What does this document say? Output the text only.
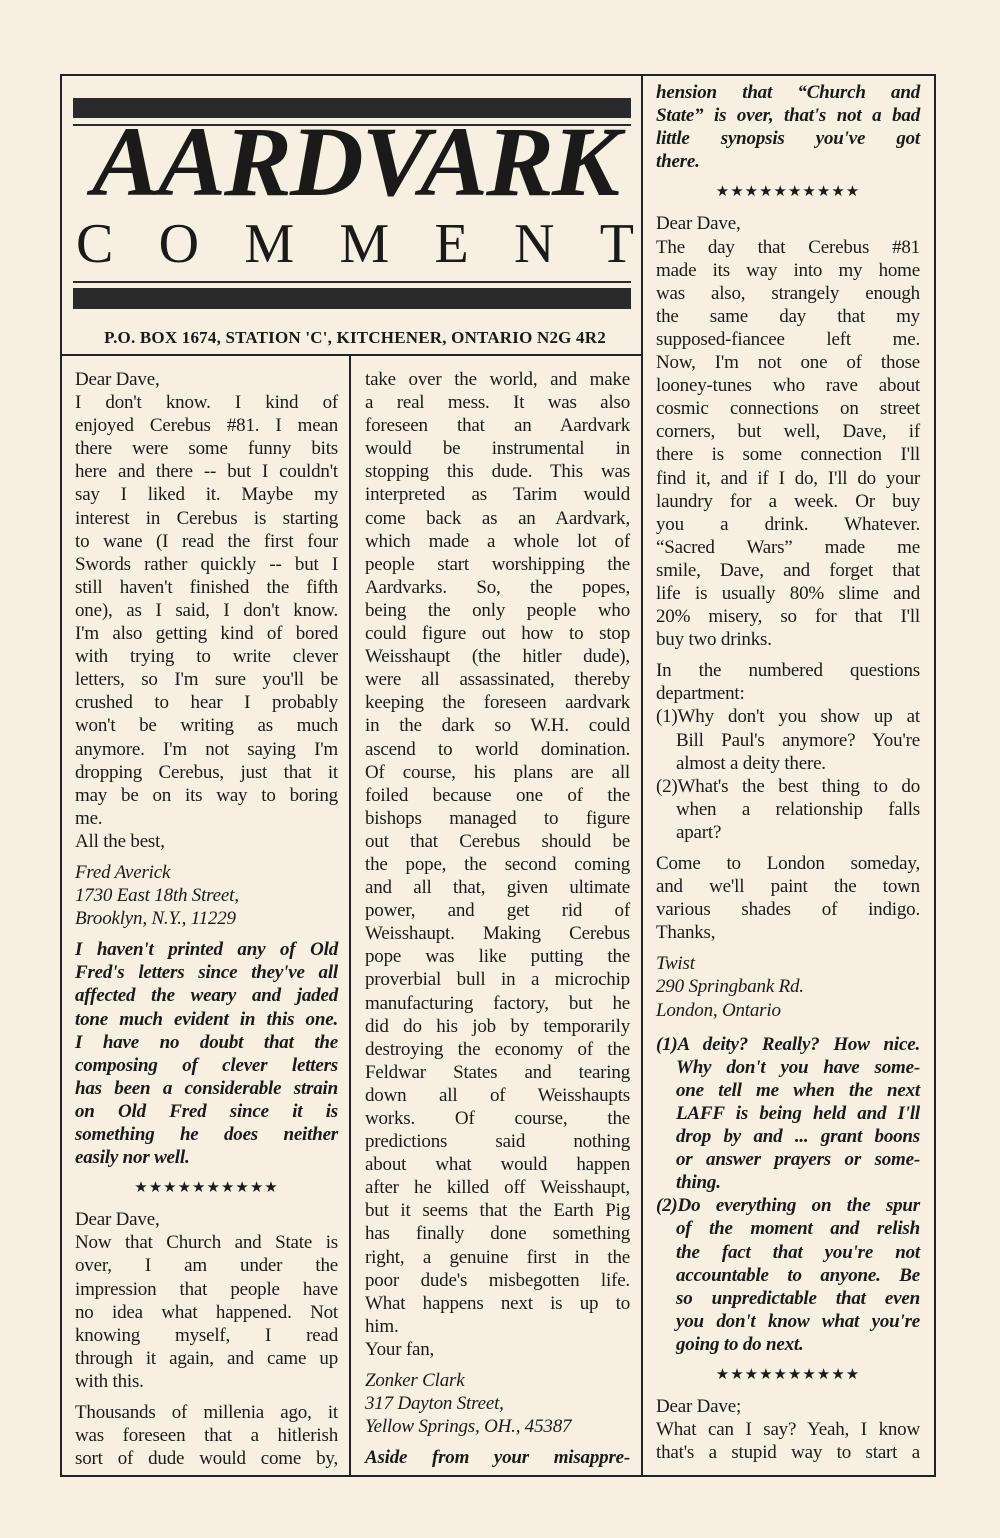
AARDVARK
C O M M E N T
P.O. BOX 1674, STATION 'C', KITCHENER, ONTARIO N2G 4R2
Dear Dave,
I don't know. I kind of
enjoyed Cerebus #81. I mean
there were some funny bits
here and there -- but I couldn't
say I liked it. Maybe my
interest in Cerebus is starting
to wane (I read the first four
Swords rather quickly -- but I
still haven't finished the fifth
one), as I said, I don't know.
I'm also getting kind of bored
with trying to write clever
letters, so I'm sure you'll be
crushed to hear I probably
won't be writing as much
anymore. I'm not saying I'm
dropping Cerebus, just that it
may be on its way to boring
me.
All the best,
Fred Averick
1730 East 18th Street,
Brooklyn, N.Y., 11229
I haven't printed any of Old
Fred's letters since they've all
affected the weary and jaded
tone much evident in this one.
I have no doubt that the
composing of clever letters
has been a considerable strain
on Old Fred since it is
something he does neither
easily nor well.
★★★★★★★★★★
Dear Dave,
Now that Church and State is
over, I am under the
impression that people have
no idea what happened. Not
knowing myself, I read
through it again, and came up
with this.
Thousands of millenia ago, it
was foreseen that a hitlerish
sort of dude would come by,
take over the world, and make
a real mess. It was also
foreseen that an Aardvark
would be instrumental in
stopping this dude. This was
interpreted as Tarim would
come back as an Aardvark,
which made a whole lot of
people start worshipping the
Aardvarks. So, the popes,
being the only people who
could figure out how to stop
Weisshaupt (the hitler dude),
were all assassinated, thereby
keeping the foreseen aardvark
in the dark so W.H. could
ascend to world domination.
Of course, his plans are all
foiled because one of the
bishops managed to figure
out that Cerebus should be
the pope, the second coming
and all that, given ultimate
power, and get rid of
Weisshaupt. Making Cerebus
pope was like putting the
proverbial bull in a microchip
manufacturing factory, but he
did do his job by temporarily
destroying the economy of the
Feldwar States and tearing
down all of Weisshaupts
works. Of course, the
predictions said nothing
about what would happen
after he killed off Weisshaupt,
but it seems that the Earth Pig
has finally done something
right, a genuine first in the
poor dude's misbegotten life.
What happens next is up to
him.
Your fan,
Zonker Clark
317 Dayton Street,
Yellow Springs, OH., 45387
Aside from your misappre-
hension that “Church and
State” is over, that's not a bad
little synopsis you've got
there.
★★★★★★★★★★
Dear Dave,
The day that Cerebus #81
made its way into my home
was also, strangely enough
the same day that my
supposed-fiancee left me.
Now, I'm not one of those
looney-tunes who rave about
cosmic connections on street
corners, but well, Dave, if
there is some connection I'll
find it, and if I do, I'll do your
laundry for a week. Or buy
you a drink. Whatever.
“Sacred Wars” made me
smile, Dave, and forget that
life is usually 80% slime and
20% misery, so for that I'll
buy two drinks.
In the numbered questions
department:
(1)Why don't you show up at
Bill Paul's anymore? You're
almost a deity there.
(2)What's the best thing to do
when a relationship falls
apart?
Come to London someday,
and we'll paint the town
various shades of indigo.
Thanks,
Twist
290 Springbank Rd.
London, Ontario
(1)A deity? Really? How nice.
Why don't you have some-
one tell me when the next
LAFF is being held and I'll
drop by and ... grant boons
or answer prayers or some-
thing.
(2)Do everything on the spur
of the moment and relish
the fact that you're not
accountable to anyone. Be
so unpredictable that even
you don't know what you're
going to do next.
★★★★★★★★★★
Dear Dave;
What can I say? Yeah, I know
that's a stupid way to start a
